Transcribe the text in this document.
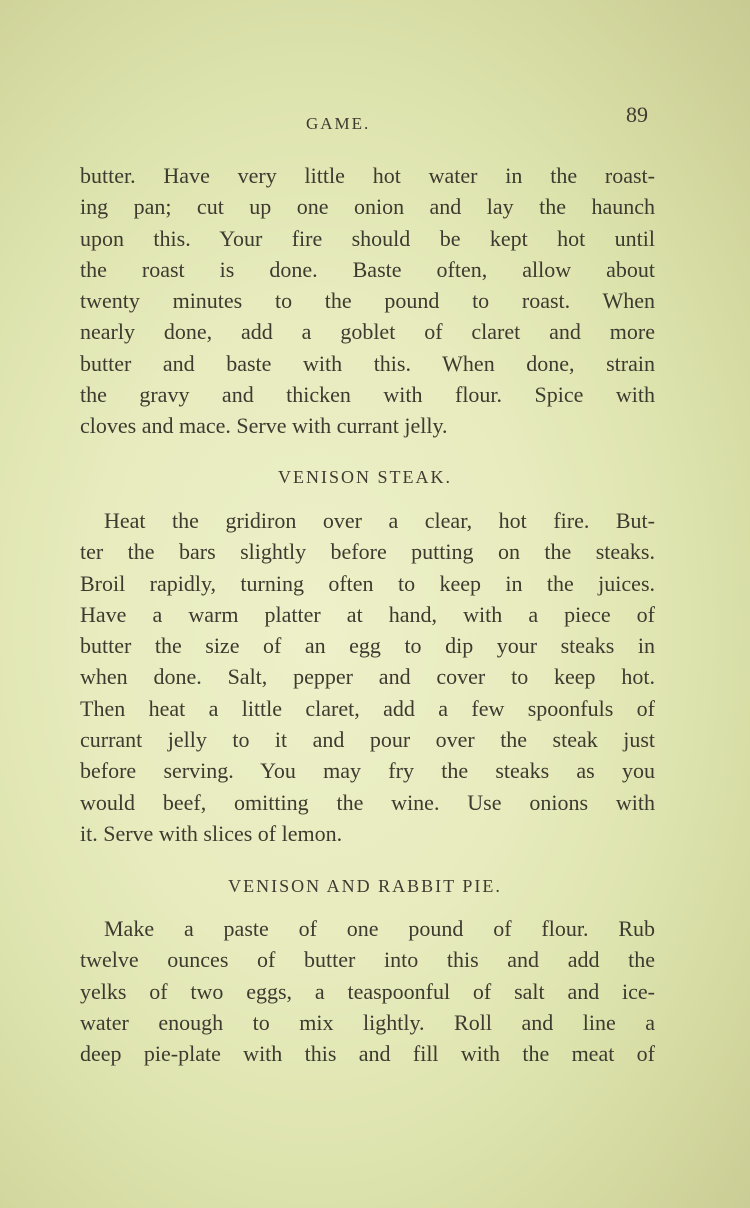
GAME.	89
butter. Have very little hot water in the roast-
ing pan; cut up one onion and lay the haunch
upon this. Your fire should be kept hot until
the roast is done. Baste often, allow about
twenty minutes to the pound to roast. When
nearly done, add a goblet of claret and more
butter and baste with this. When done, strain
the gravy and thicken with flour. Spice with
cloves and mace. Serve with currant jelly.
VENISON STEAK.
Heat the gridiron over a clear, hot fire. But-
ter the bars slightly before putting on the steaks.
Broil rapidly, turning often to keep in the juices.
Have a warm platter at hand, with a piece of
butter the size of an egg to dip your steaks in
when done. Salt, pepper and cover to keep hot.
Then heat a little claret, add a few spoonfuls of
currant jelly to it and pour over the steak just
before serving. You may fry the steaks as you
would beef, omitting the wine. Use onions with
it. Serve with slices of lemon.
VENISON AND RABBIT PIE.
Make a paste of one pound of flour. Rub
twelve ounces of butter into this and add the
yelks of two eggs, a teaspoonful of salt and ice-
water enough to mix lightly. Roll and line a
deep pie-plate with this and fill with the meat of
